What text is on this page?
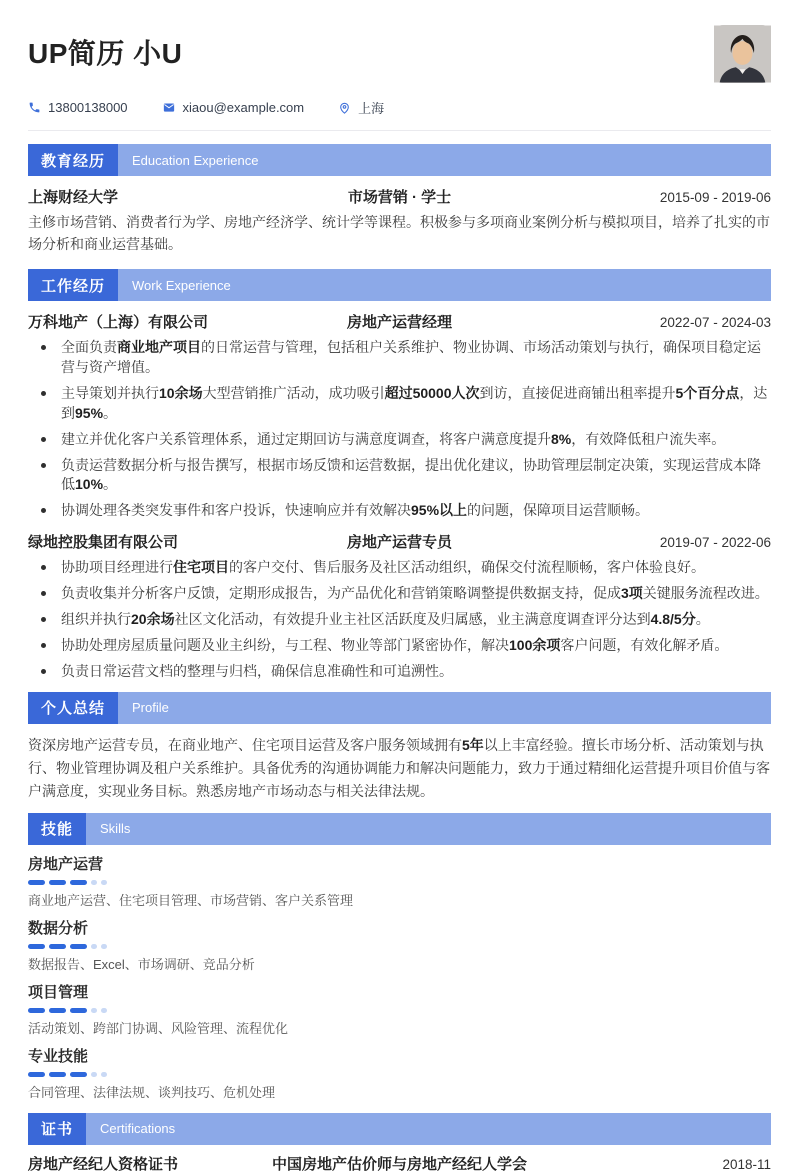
UP简历 小U
13800138000	xiaou@example.com	上海
教育经历	Education Experience
上海财经大学	市场营销 · 学士	2015-09 - 2019-06

主修市场营销、消费者行为学、房地产经济学、统计学等课程。积极参与多项商业案例分析与模拟项目，培养了扎实的市场分析和商业运营基础。

工作经历	Work Experience
万科地产（上海）有限公司	房地产运营经理	2022-07 - 2024-03
全面负责商业地产项目的日常运营与管理，包括租户关系维护、物业协调、市场活动策划与执行，确保项目稳定运营与资产增值。
主导策划并执行10余场大型营销推广活动，成功吸引超过50000人次到访，直接促进商铺出租率提升5个百分点，达到95%。
建立并优化客户关系管理体系，通过定期回访与满意度调查，将客户满意度提升8%，有效降低租户流失率。
负责运营数据分析与报告撰写，根据市场反馈和运营数据，提出优化建议，协助管理层制定决策，实现运营成本降低10%。
协调处理各类突发事件和客户投诉，快速响应并有效解决95%以上的问题，保障项目运营顺畅。
绿地控股集团有限公司	房地产运营专员	2019-07 - 2022-06
协助项目经理进行住宅项目的客户交付、售后服务及社区活动组织，确保交付流程顺畅，客户体验良好。
负责收集并分析客户反馈，定期形成报告，为产品优化和营销策略调整提供数据支持，促成3项关键服务流程改进。
组织并执行20余场社区文化活动，有效提升业主社区活跃度及归属感，业主满意度调查评分达到4.8/5分。
协助处理房屋质量问题及业主纠纷，与工程、物业等部门紧密协作，解决100余项客户问题，有效化解矛盾。
负责日常运营文档的整理与归档，确保信息准确性和可追溯性。
个人总结	Profile

资深房地产运营专员，在商业地产、住宅项目运营及客户服务领域拥有5年以上丰富经验。擅长市场分析、活动策划与执行、物业管理协调及租户关系维护。具备优秀的沟通协调能力和解决问题能力，致力于通过精细化运营提升项目价值与客户满意度，实现业务目标。熟悉房地产市场动态与相关法律法规。

技能	Skills
房地产运营
商业地产运营、住宅项目管理、市场营销、客户关系管理
数据分析
数据报告、Excel、市场调研、竞品分析
项目管理
活动策划、跨部门协调、风险管理、流程优化
专业技能
合同管理、法律法规、谈判技巧、危机处理
证书	Certifications
房地产经纪人资格证书	中国房地产估价师与房地产经纪人学会	2018-11
